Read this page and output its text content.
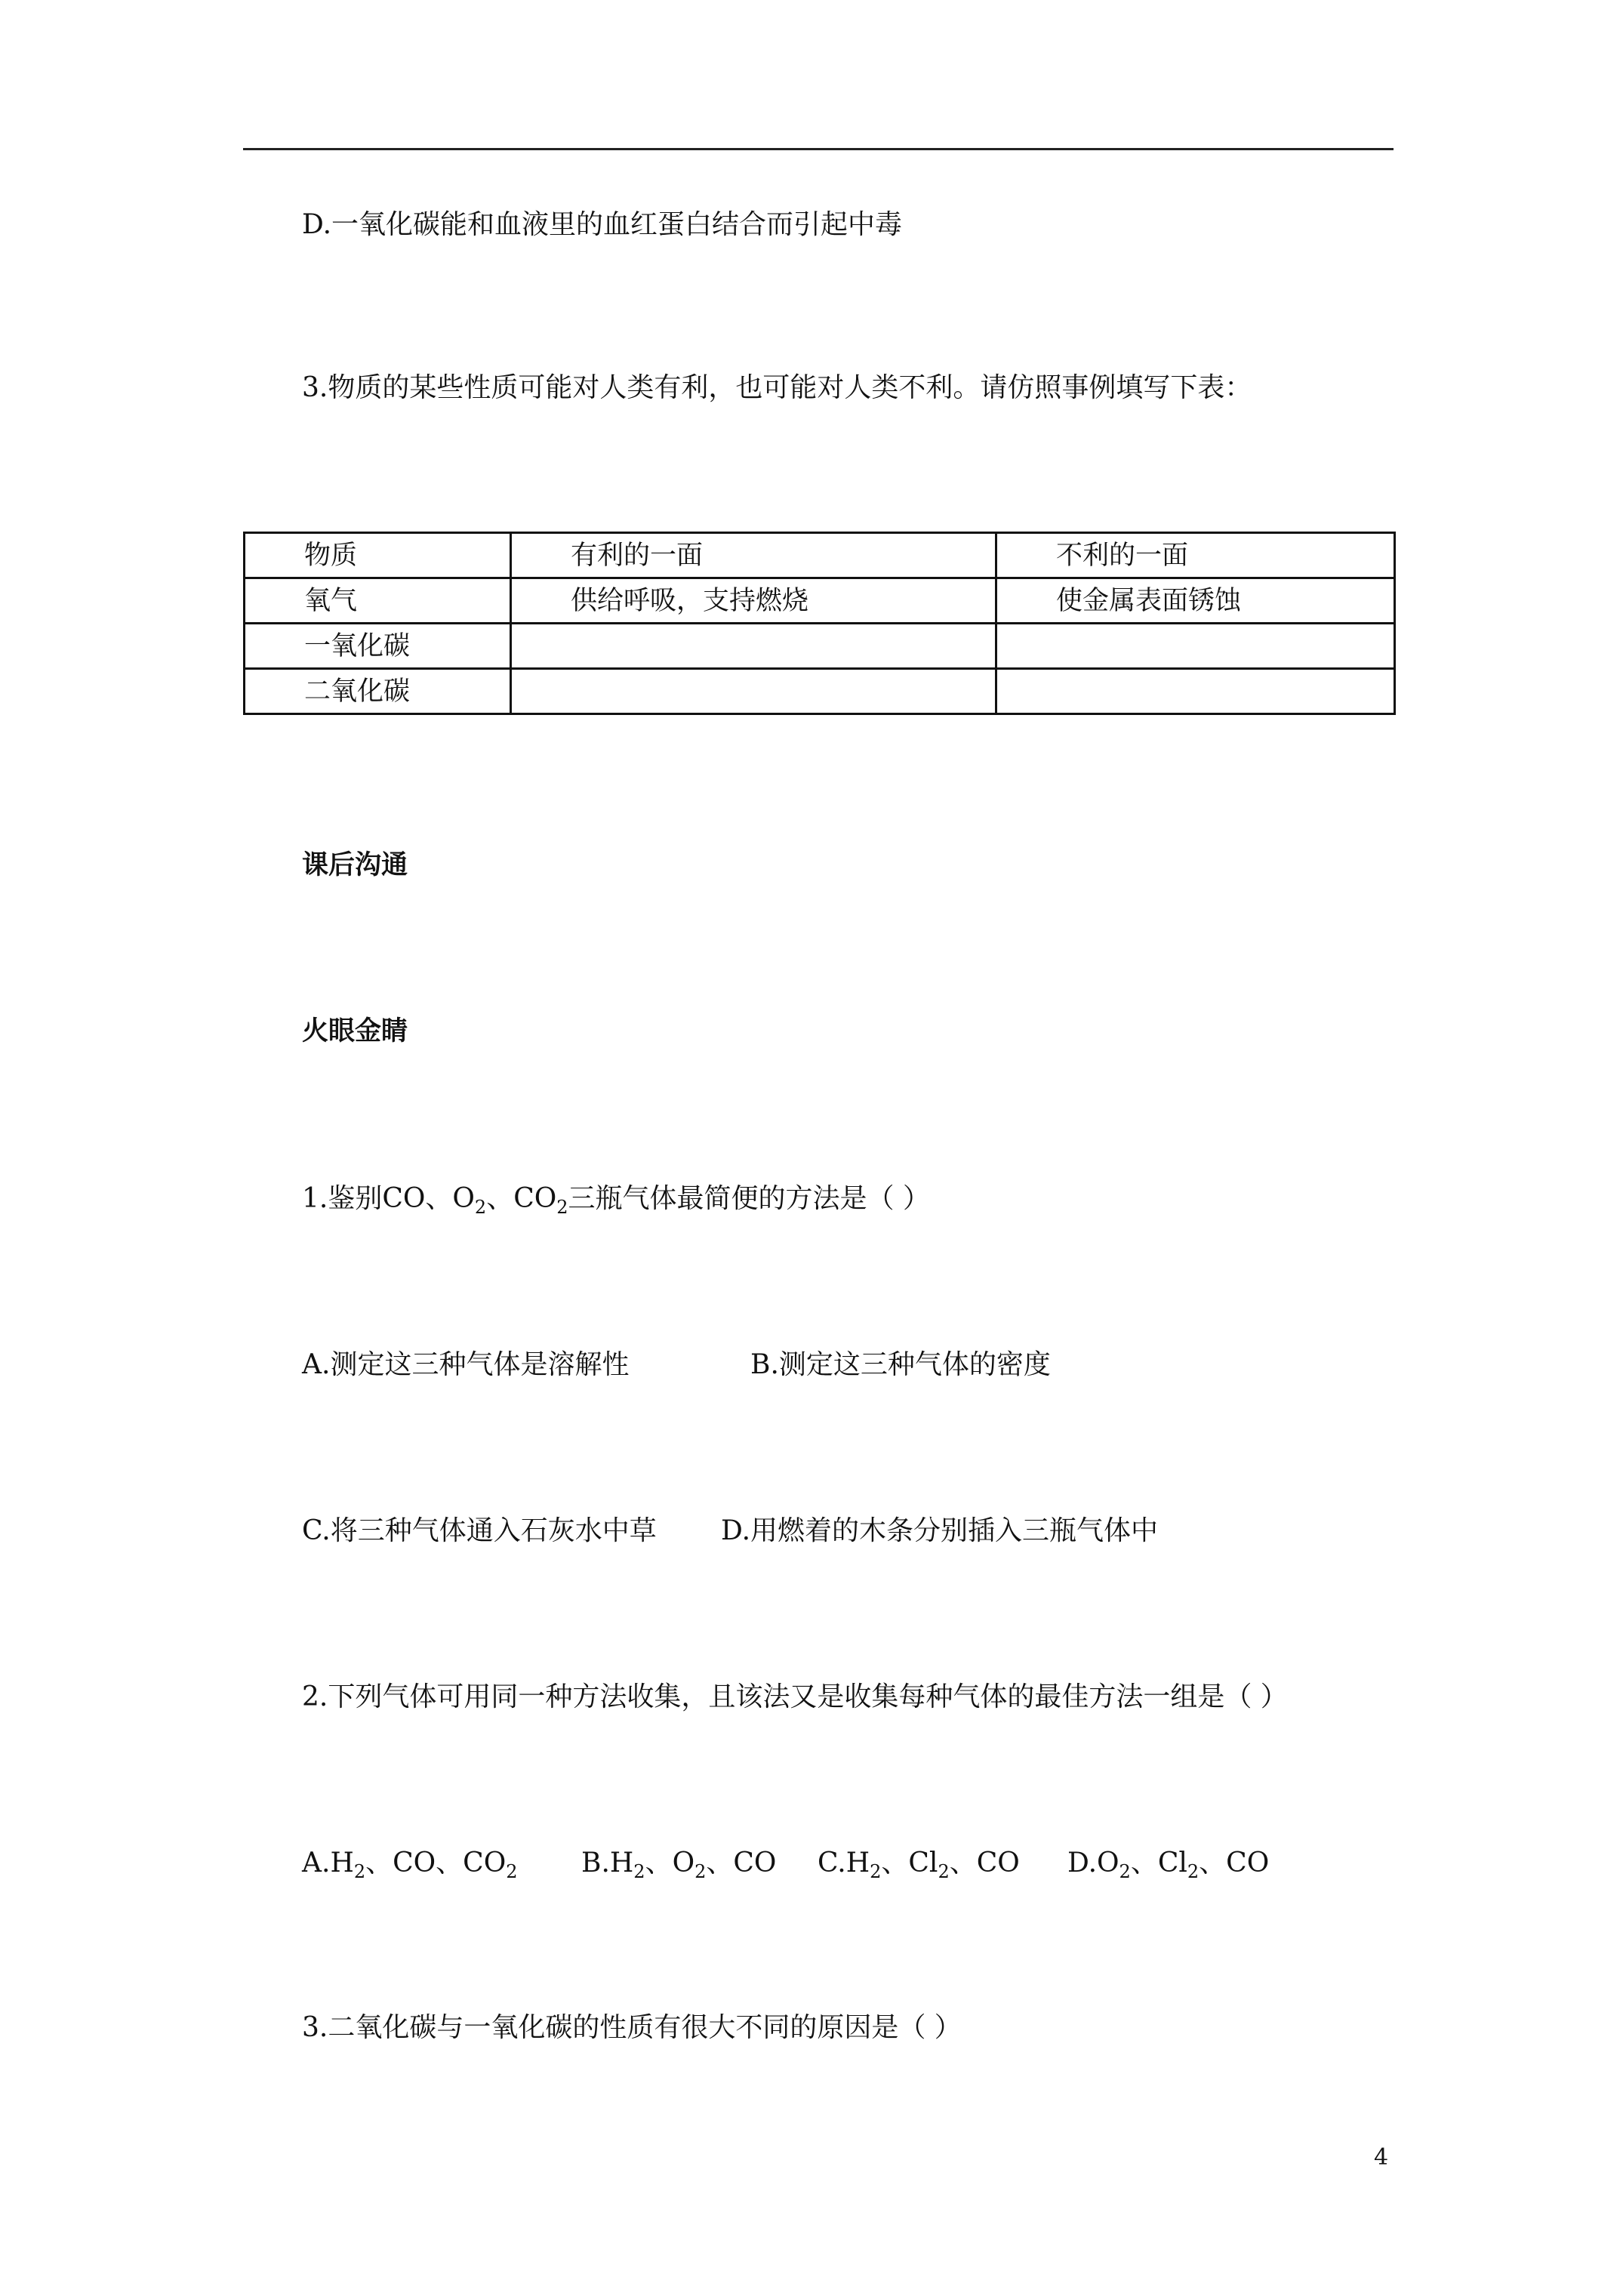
D.一氧化碳能和血液里的血红蛋白结合而引起中毒
3.物质的某些性质可能对人类有利，也可能对人类不利。请仿照事例填写下表：
物质	有利的一面	不利的一面
氧气	供给呼吸，支持燃烧	使金属表面锈蚀
一氧化碳		
二氧化碳		
课后沟通
火眼金睛
1.鉴别CO、$O_2$、$CO_2$三瓶气体最简便的方法是（ ）
A.测定这三种气体是溶解性	B.测定这三种气体的密度
C.将三种气体通入石灰水中草 D.用燃着的木条分别插入三瓶气体中
2.下列气体可用同一种方法收集，且该法又是收集每种气体的最佳方法一组是（ ）
$A.H_2$、CO、$CO_2$ $B.H_2$、$O_2$、CO $C.H_2$、$Cl_2$、CO $D.O_2$、$Cl_2$、CO
3.二氧化碳与一氧化碳的性质有很大不同的原因是（ ）
4
